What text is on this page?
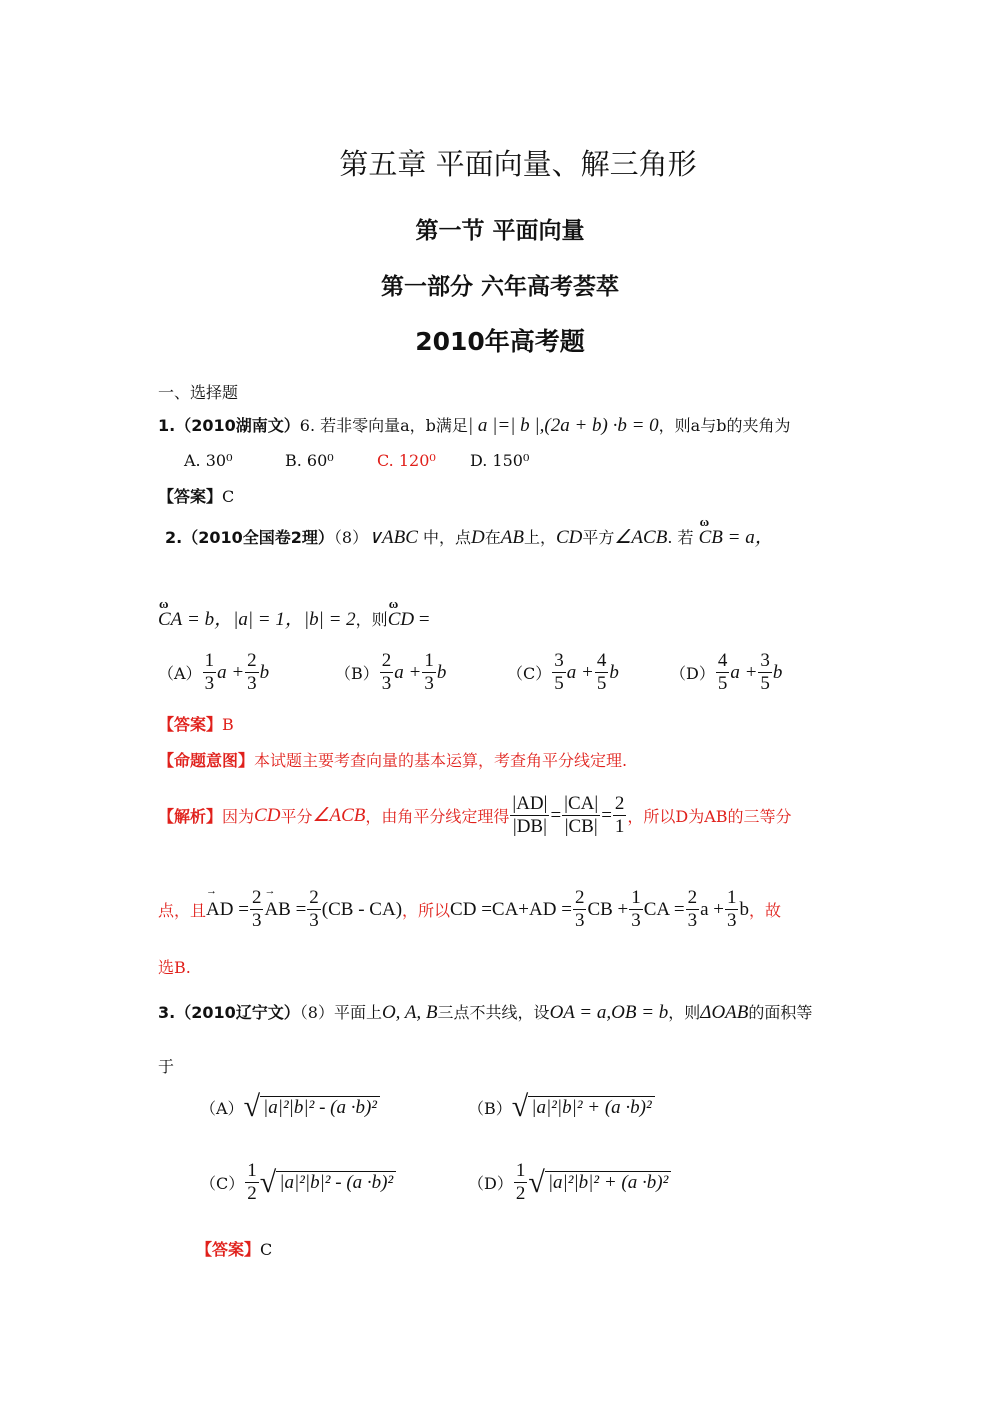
第五章 平面向量、解三角形
第一节 平面向量
第一部分 六年高考荟萃
2010年高考题
一、选择题
1.（2010湖南文）6. 若非零向量a，b满足| a |=| b |,(2a + b) ·b = 0，则a与b的夹角为
A. 30⁰	B. 60⁰	C. 120⁰ D. 150⁰
【答案】C
2.（2010全国卷2理）（8）∨ABC 中，点D在AB上，CD平方∠ACB. 若 ω CB = a，
ω CA = b，|a| = 1，|b| = 2，则ω CD =
$(A) \frac{1}{3}$ $a + \frac{2}{3}$ b	$(B) \frac{2}{3}$ $a + \frac{1}{3}$ b	$(C) \frac{3}{5}$ $a + \frac{4}{5}$ b	$(D) \frac{4}{5}$ $a + \frac{3}{5}$ b
【答案】B
【命题意图】本试题主要考查向量的基本运算，考查角平分线定理.
【解析】 因为 CD 平分 ∠ACB ，由角平分线定理得 $\frac{|AD|}{|DB|} = \frac{|CA|}{|CB|} = \frac{2}{1}$ ，所以D为AB的三等分
点，且 → AD = $\frac{2}{3}$ → AB = $\frac{2}{3} (CB - CA)$ ，所以 CD $=CA+AD = \frac{2}{3}$ CB + $\frac{1}{3}$ CA = $\frac{2}{3}$ $a + \frac{1}{3}$ b ，故
选B.
3.（2010辽宁文）（8）平面上O, A, B三点不共线，设OA = a,OB = b，则ΔOAB的面积等
于
（A） √ |a|²|b|² - (a ·b)²	（B） √ |a|²|b|² + (a ·b)²
$(C) \frac{1}{2}$ √ |a|²|b|² - (a ·b)²	$(D) \frac{1}{2}$ √ |a|²|b|² + (a ·b)²
【答案】C
